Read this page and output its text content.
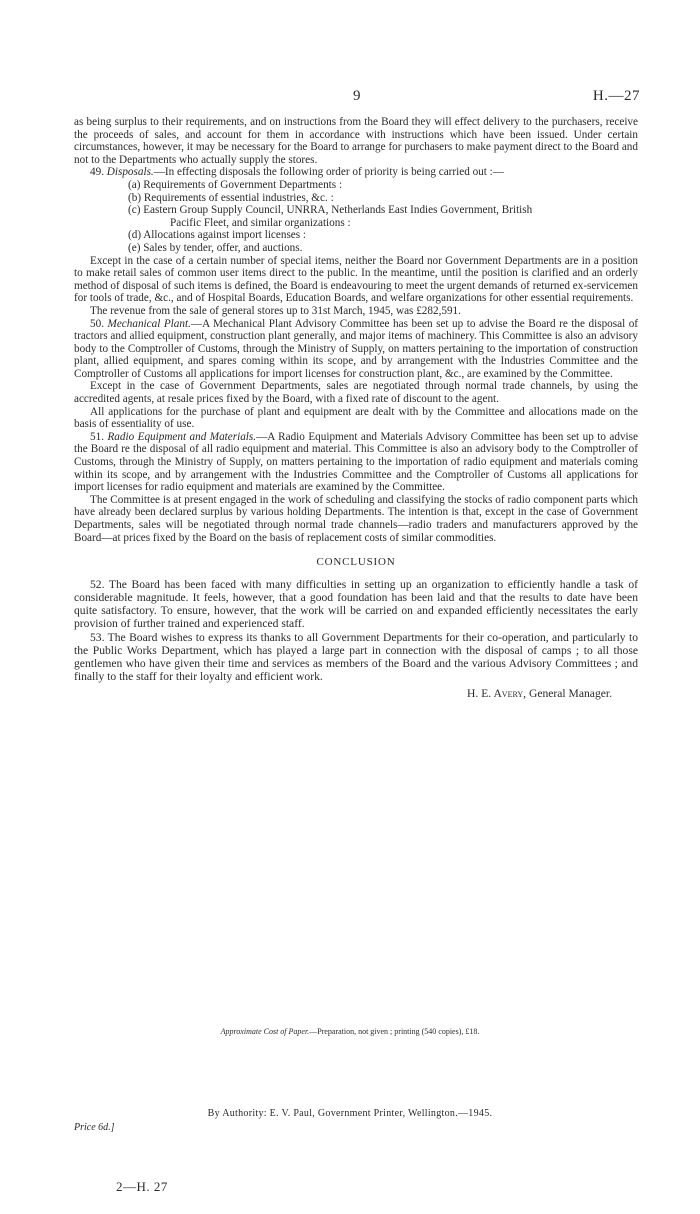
9	H.—27

as being surplus to their requirements, and on instructions from the Board they will effect delivery to the purchasers, receive the proceeds of sales, and account for them in accordance with instructions which have been issued. Under certain circumstances, however, it may be necessary for the Board to arrange for purchasers to make payment direct to the Board and not to the Departments who actually supply the stores.

49. Disposals.—In effecting disposals the following order of priority is being carried out :—

(a) Requirements of Government Departments :

(b) Requirements of essential industries, &c. :

(c) Eastern Group Supply Council, UNRRA, Netherlands East Indies Government, British

Pacific Fleet, and similar organizations :

(d) Allocations against import licenses :

(e) Sales by tender, offer, and auctions.

Except in the case of a certain number of special items, neither the Board nor Government Departments are in a position to make retail sales of common user items direct to the public. In the meantime, until the position is clarified and an orderly method of disposal of such items is defined, the Board is endeavouring to meet the urgent demands of returned ex-servicemen for tools of trade, &c., and of Hospital Boards, Education Boards, and welfare organizations for other essential requirements.

The revenue from the sale of general stores up to 31st March, 1945, was £282,591.

50. Mechanical Plant.—A Mechanical Plant Advisory Committee has been set up to advise the Board re the disposal of tractors and allied equipment, construction plant generally, and major items of machinery. This Committee is also an advisory body to the Comptroller of Customs, through the Ministry of Supply, on matters pertaining to the importation of construction plant, allied equipment, and spares coming within its scope, and by arrangement with the Industries Committee and the Comptroller of Customs all applications for import licenses for construction plant, &c., are examined by the Committee.

Except in the case of Government Departments, sales are negotiated through normal trade channels, by using the accredited agents, at resale prices fixed by the Board, with a fixed rate of discount to the agent.

All applications for the purchase of plant and equipment are dealt with by the Committee and allocations made on the basis of essentiality of use.

51. Radio Equipment and Materials.—A Radio Equipment and Materials Advisory Committee has been set up to advise the Board re the disposal of all radio equipment and material. This Committee is also an advisory body to the Comptroller of Customs, through the Ministry of Supply, on matters pertaining to the importation of radio equipment and materials coming within its scope, and by arrangement with the Industries Committee and the Comptroller of Customs all applications for import licenses for radio equipment and materials are examined by the Committee.

The Committee is at present engaged in the work of scheduling and classifying the stocks of radio component parts which have already been declared surplus by various holding Departments. The intention is that, except in the case of Government Departments, sales will be negotiated through normal trade channels—radio traders and manufacturers approved by the Board—at prices fixed by the Board on the basis of replacement costs of similar commodities.

CONCLUSION

52. The Board has been faced with many difficulties in setting up an organization to efficiently handle a task of considerable magnitude. It feels, however, that a good foundation has been laid and that the results to date have been quite satisfactory. To ensure, however, that the work will be carried on and expanded efficiently necessitates the early provision of further trained and experienced staff.

53. The Board wishes to express its thanks to all Government Departments for their co-operation, and particularly to the Public Works Department, which has played a large part in connection with the disposal of camps ; to all those gentlemen who have given their time and services as members of the Board and the various Advisory Committees ; and finally to the staff for their loyalty and efficient work.

H. E. Avery, General Manager.

Approximate Cost of Paper.—Preparation, not given ; printing (540 copies), £18.
By Authority: E. V. Paul, Government Printer, Wellington.—1945.
Price 6d.]
2—H. 27
